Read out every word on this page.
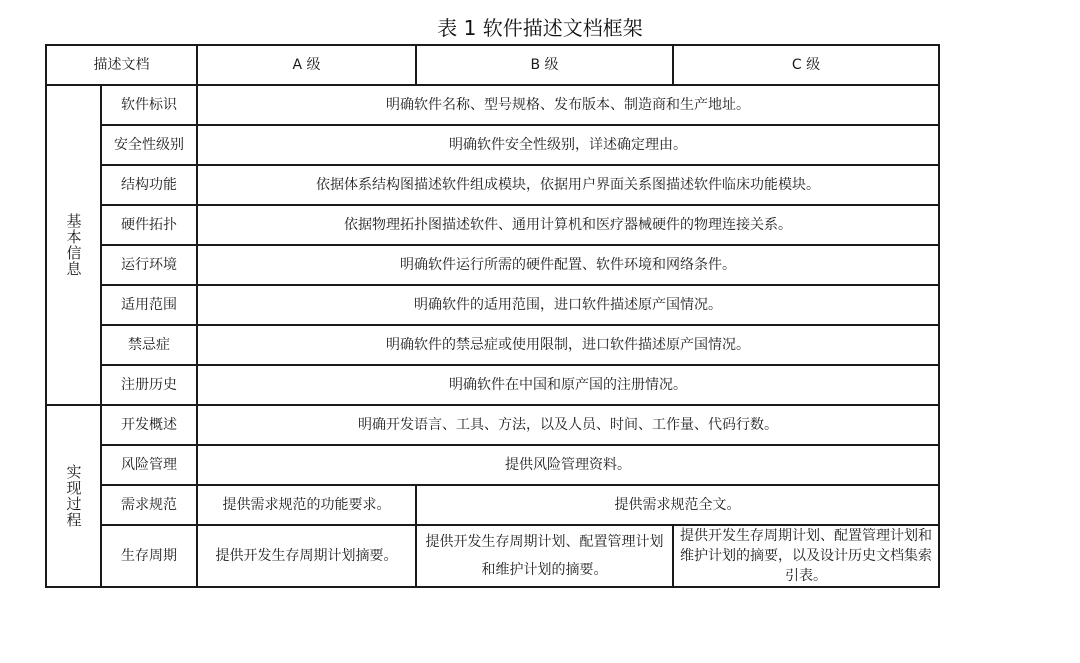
表 1 软件描述文档框架
描述文档		A 级	B 级	C 级

基本信息	软件标识	明确软件名称、型号规格、发布版本、制造商和生产地址。		
	安全性级别	明确软件安全性级别，详述确定理由。		
	结构功能	依据体系结构图描述软件组成模块，依据用户界面关系图描述软件临床功能模块。		
	硬件拓扑	依据物理拓扑图描述软件、通用计算机和医疗器械硬件的物理连接关系。		
	运行环境	明确软件运行所需的硬件配置、软件环境和网络条件。		
	适用范围	明确软件的适用范围，进口软件描述原产国情况。		
	禁忌症	明确软件的禁忌症或使用限制，进口软件描述原产国情况。		
	注册历史	明确软件在中国和原产国的注册情况。		

实现过程	开发概述	明确开发语言、工具、方法，以及人员、时间、工作量、代码行数。		
	风险管理	提供风险管理资料。		
	需求规范	提供需求规范的功能要求。	提供需求规范全文。	
	生存周期	提供开发生存周期计划摘要。	提供开发生存周期计划、配置管理计划和维护计划的摘要。	提供开发生存周期计划、配置管理计划和维护计划的摘要，以及设计历史文档集索引表。
